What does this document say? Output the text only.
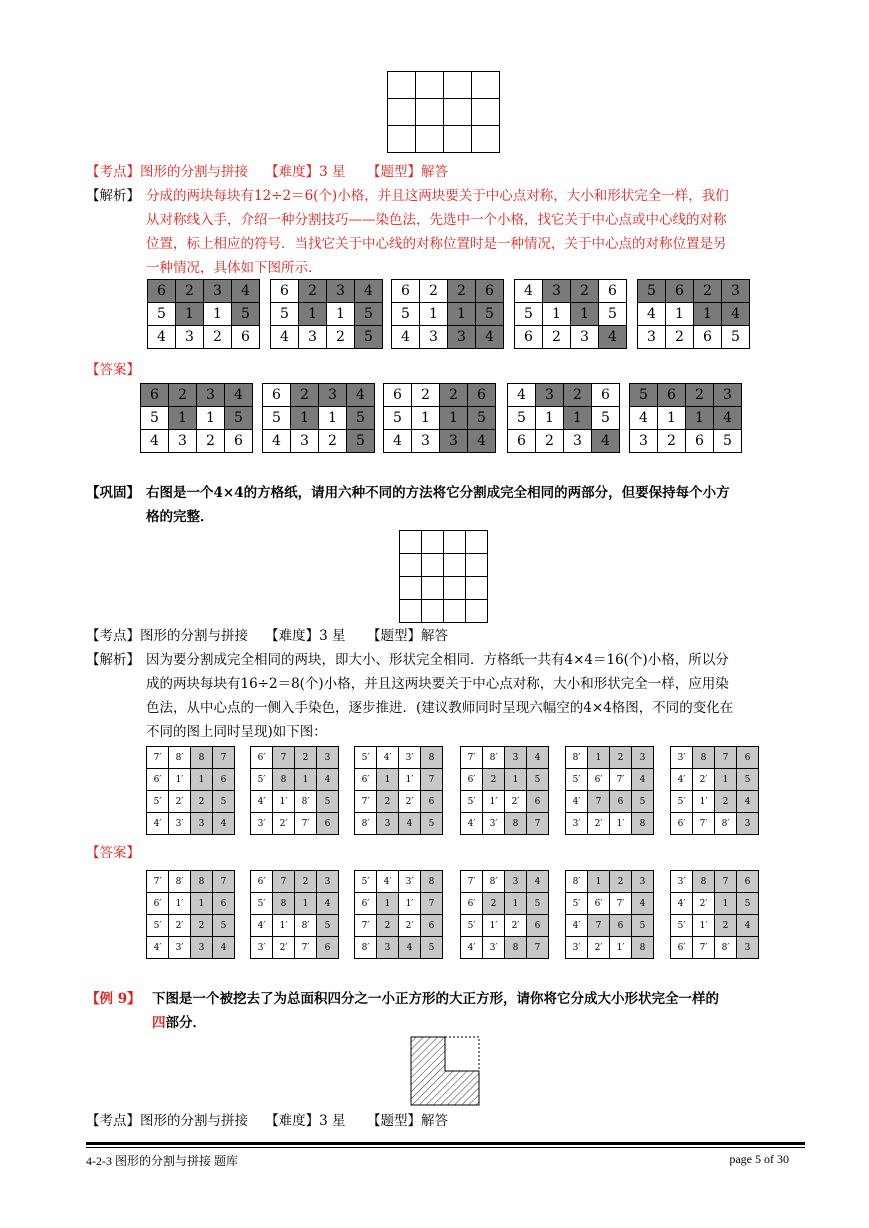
【考点】图形的分割与拼接 【难度】3 星 【题型】解答
【解析】 分成的两块每块有12÷2＝6(个)小格，并且这两块要关于中心点对称，大小和形状完全一样，我们
从对称线入手，介绍一种分割技巧——染色法，先选中一个小格，找它关于中心点或中心线的对称
位置，标上相应的符号．当找它关于中心线的对称位置时是一种情况，关于中心点的对称位置是另
一种情况，具体如下图所示．
6	2	3	4
5	1	1	5
4	3	2	6
6	2	3	4
5	1	1	5
4	3	2	5
6	2	2	6
5	1	1	5
4	3	3	4
4	3	2	6
5	1	1	5
6	2	3	4
5	6	2	3
4	1	1	4
3	2	6	5
【答案】
6	2	3	4
5	1	1	5
4	3	2	6
6	2	3	4
5	1	1	5
4	3	2	5
6	2	2	6
5	1	1	5
4	3	3	4
4	3	2	6
5	1	1	5
6	2	3	4
5	6	2	3
4	1	1	4
3	2	6	5
【巩固】 右图是一个4×4的方格纸，请用六种不同的方法将它分割成完全相同的两部分，但要保持每个小方
格的完整．

【考点】图形的分割与拼接 【难度】3 星 【题型】解答
【解析】 因为要分割成完全相同的两块，即大小、形状完全相同．方格纸一共有4×4＝16(个)小格，所以分
成的两块每块有16÷2＝8(个)小格，并且这两块要关于中心点对称，大小和形状完全一样，应用染
色法，从中心点的一侧入手染色，逐步推进．(建议教师同时呈现六幅空的4×4格图，不同的变化在
不同的图上同时呈现)如下图：
7′	8′	8	7
6′	1′	1	6
5′	2′	2	5
4′	3′	3	4
6′	7	2	3
5′	8	1	4
4′	1′	8′	5
3′	2′	7′	6
5′	4′	3′	8
6′	1	1′	7
7′	2	2′	6
8′	3	4	5
7′	8′	3	4
6′	2	1	5
5′	1′	2′	6
4′	3′	8	7
8′	1	2	3
5′	6′	7′	4
4′	7	6	5
3′	2′	1′	8
3′	8	7	6
4′	2′	1	5
5′	1′	2	4
6′	7′	8′	3
【答案】
7′	8′	8	7
6′	1′	1	6
5′	2′	2	5
4′	3′	3	4
6′	7	2	3
5′	8	1	4
4′	1′	8′	5
3′	2′	7′	6
5′	4′	3′	8
6′	1	1′	7
7′	2	2′	6
8′	3	4	5
7′	8′	3	4
6′	2	1	5
5′	1′	2′	6
4′	3′	8	7
8′	1	2	3
5′	6′	7′	4
4′	7	6	5
3′	2′	1′	8
3′	8	7	6
4′	2′	1	5
5′	1′	2	4
6′	7′	8′	3
【例 9】 下图是一个被挖去了为总面积四分之一小正方形的大正方形，请你将它分成大小形状完全一样的
四部分．
【考点】图形的分割与拼接 【难度】3 星 【题型】解答
4-2-3 图形的分割与拼接 题库	page 5 of 30
